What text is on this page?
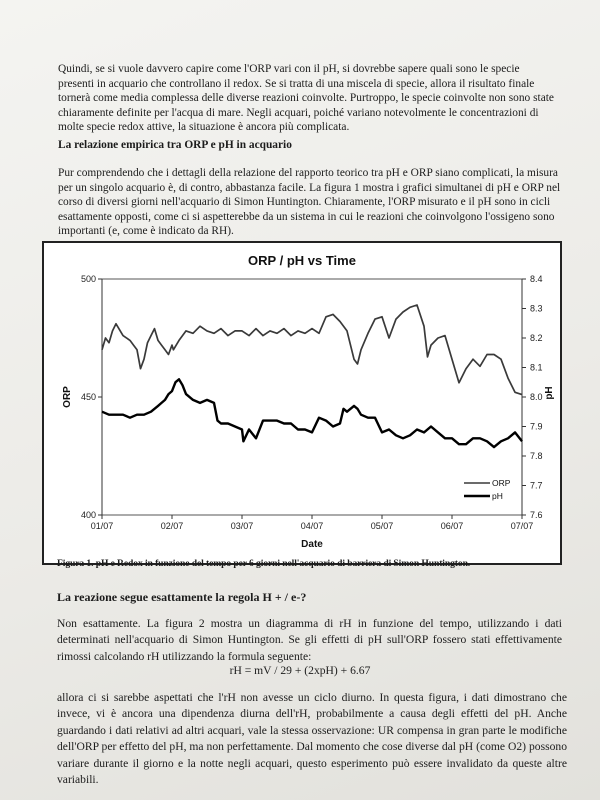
Quindi, se si vuole davvero capire come l'ORP vari con il pH, si dovrebbe sapere quali sono le specie presenti in acquario che controllano il redox. Se si tratta di una miscela di specie, allora il risultato finale tornerà come media complessa delle diverse reazioni coinvolte. Purtroppo, le specie coinvolte non sono state chiaramente definite per l'acqua di mare. Negli acquari, poiché variano notevolmente le concentrazioni di molte specie redox attive, la situazione è ancora più complicata.

La relazione empirica tra ORP e pH in acquario

Pur comprendendo che i dettagli della relazione del rapporto teorico tra pH e ORP siano complicati, la misura per un singolo acquario è, di contro, abbastanza facile. La figura 1 mostra i grafici simultanei di pH e ORP nel corso di diversi giorni nell'acquario di Simon Huntington. Chiaramente, l'ORP misurato e il pH sono in cicli esattamente opposti, come ci si aspetterebbe da un sistema in cui le reazioni che coinvolgono l'ossigeno sono importanti (e, come è indicato da RH).

ORP / pH vs Time
ORP	pH
Date
01/07	02/07	03/07	04/07	05/07	06/07	07/07
500
450
400
8.4
8.3
8.2
8.1
8.0
7.9
7.8
7.7
7.6
ORP
pH

Figura 1. pH e Redox in funzione del tempo per 6 giorni nell'acquario di barriera di Simon Huntington.

La reazione segue esattamente la regola H + / e-?

Non esattamente. La figura 2 mostra un diagramma di rH in funzione del tempo, utilizzando i dati determinati nell'acquario di Simon Huntington. Se gli effetti di pH sull'ORP fossero stati effettivamente rimossi calcolando rH utilizzando la formula seguente:

rH = mV / 29 + (2xpH) + 6.67

allora ci si sarebbe aspettati che l'rH non avesse un ciclo diurno. In questa figura, i dati dimostrano che invece, vi è ancora una dipendenza diurna dell'rH, probabilmente a causa degli effetti del pH. Anche guardando i dati relativi ad altri acquari, vale la stessa osservazione: UR compensa in gran parte le modifiche dell'ORP per effetto del pH, ma non perfettamente. Dal momento che cose diverse dal pH (come O2) possono variare durante il giorno e la notte negli acquari, questo esperimento può essere invalidato da queste altre variabili.
